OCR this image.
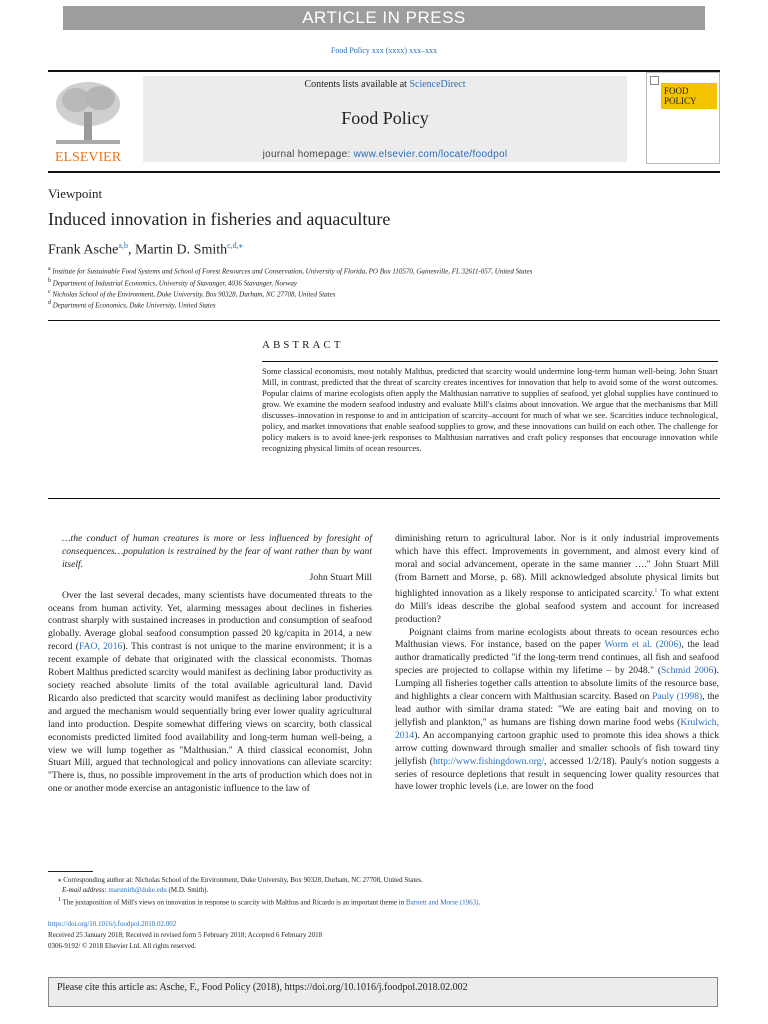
ARTICLE IN PRESS
Food Policy xxx (xxxx) xxx–xxx
ELSEVIER
Contents lists available at ScienceDirect
Food Policy
journal homepage: www.elsevier.com/locate/foodpol
FOOD
POLICY
Viewpoint
Induced innovation in fisheries and aquaculture
Frank Asche$^{a,b}$, Martin D. Smith$^{c,d,⁎}$
$^a$ Institute for Sustainable Food Systems and School of Forest Resources and Conservation, University of Florida, PO Box 110570, Gainesville, FL 32611-057, United States
$^b$ Department of Industrial Economics, University of Stavanger, 4036 Stavanger, Norway
$^c$ Nicholas School of the Environment, Duke University, Box 90328, Durham, NC 27708, United States
$^d$ Department of Economics, Duke University, United States
ABSTRACT
Some classical economists, most notably Malthus, predicted that scarcity would undermine long-term human well-being. John Stuart Mill, in contrast, predicted that the threat of scarcity creates incentives for innovation that help to avoid some of the worst outcomes. Popular claims of marine ecologists often apply the Malthusian narrative to supplies of seafood, yet global supplies have continued to grow. We examine the modern seafood industry and evaluate Mill's claims about innovation. We argue that the mechanisms that Mill discusses–innovation in response to and in anticipation of scarcity–account for much of what we see. Scarcities induce technological, policy, and market innovations that enable seafood supplies to grow, and these innovations can build on each other. The challenge for policy makers is to avoid knee-jerk responses to Malthusian narratives and craft policy responses that encourage innovation while recognizing physical limits of ocean resources.

…the conduct of human creatures is more or less influenced by foresight of consequences…population is restrained by the fear of want rather than by want itself.

John Stuart Mill

Over the last several decades, many scientists have documented threats to the oceans from human activity. Yet, alarming messages about declines in fisheries contrast sharply with sustained increases in production and consumption of seafood globally. Average global seafood consumption passed 20 kg/capita in 2014, a new record (FAO, 2016). This contrast is not unique to the marine environment; it is a recent example of debate that originated with the classical economists. Thomas Robert Malthus predicted scarcity would manifest as declining labor productivity as society reached absolute limits of the total available agricultural land. David Ricardo also predicted that scarcity would manifest as declining labor productivity and argued the mechanism would sequentially bring ever lower quality agricultural land into production. Despite somewhat differing views on scarcity, both classical economists predicted limited food availability and long-term human well-being, a view we will lump together as "Malthusian." A third classical economist, John Stuart Mill, argued that technological and policy innovations can alleviate scarcity: "There is, thus, no possible improvement in the arts of production which does not in one or another mode exercise an antagonistic influence to the law of

diminishing return to agricultural labor. Nor is it only industrial improvements which have this effect. Improvements in government, and almost every kind of moral and social advancement, operate in the same manner …." John Stuart Mill (from Barnett and Morse, p. 68). Mill acknowledged absolute physical limits but highlighted innovation as a likely response to anticipated scarcity.$^1$ To what extent do Mill's ideas describe the global seafood system and account for increased production?

Poignant claims from marine ecologists about threats to ocean resources echo Malthusian views. For instance, based on the paper Worm et al. (2006), the lead author dramatically predicted "if the long-term trend continues, all fish and seafood species are projected to collapse within my lifetime – by 2048." (Schmid 2006). Lumping all fisheries together calls attention to absolute limits of the resource base, and highlights a clear concern with Malthusian scarcity. Based on Pauly (1998), the lead author with similar drama stated: "We are eating bait and moving on to jellyfish and plankton," as humans are fishing down marine food webs (Krulwich, 2014). An accompanying cartoon graphic used to promote this idea shows a thick arrow cutting downward through smaller and smaller schools of fish toward tiny jellyfish (http://www.fishingdown.org/, accessed 1/2/18). Pauly's notion suggests a series of resource depletions that result in sequencing lower quality resources that have lower trophic levels (i.e. are lower on the food

⁎ Corresponding author at: Nicholas School of the Environment, Duke University, Box 90328, Durham, NC 27708, United States.
E-mail address: marsmith@duke.edu (M.D. Smith).
$^1$ The juxtaposition of Mill's views on innovation in response to scarcity with Malthus and Ricardo is an important theme in Barnett and Morse (1963).
https://doi.org/10.1016/j.foodpol.2018.02.002
Received 25 January 2018; Received in revised form 5 February 2018; Accepted 6 February 2018
0306-9192/ © 2018 Elsevier Ltd. All rights reserved.
Please cite this article as: Asche, F., Food Policy (2018), https://doi.org/10.1016/j.foodpol.2018.02.002
